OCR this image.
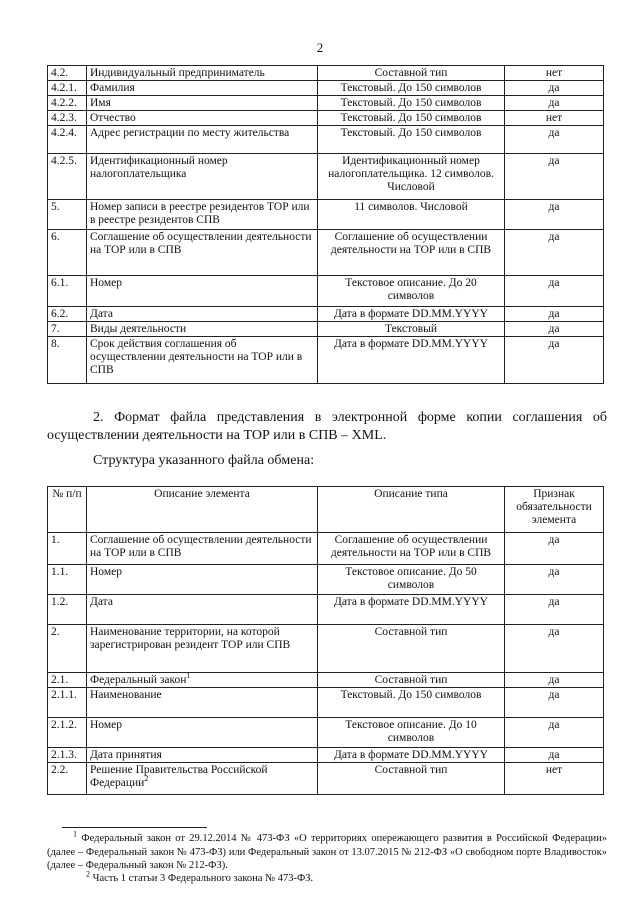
2
4.2.	Индивидуальный предприниматель	Составной тип	нет
4.2.1.	Фамилия	Текстовый. До 150 символов	да
4.2.2.	Имя	Текстовый. До 150 символов	да
4.2.3.	Отчество	Текстовый. До 150 символов	нет
4.2.4.	Адрес регистрации по месту жительства	Текстовый. До 150 символов	да
4.2.5.	Идентификационный номер налогоплательщика	Идентификационный номер налогоплательщика. 12 символов. Числовой	да
5.	Номер записи в реестре резидентов ТОР или в реестре резидентов СПВ	11 символов. Числовой	да
6.	Соглашение об осуществлении деятельности на ТОР или в СПВ	Соглашение об осуществлении деятельности на ТОР или в СПВ	да
6.1.	Номер	Текстовое описание. До 20 символов	да
6.2.	Дата	Дата в формате DD.MM.YYYY	да
7.	Виды деятельности	Текстовый	да
8.	Срок действия соглашения об осуществлении деятельности на ТОР или в СПВ	Дата в формате DD.MM.YYYY	да
2. Формат файла представления в электронной форме копии соглашения об осуществлении деятельности на ТОР или в СПВ – XML.
Структура указанного файла обмена:
№ п/п	Описание элемента	Описание типа	Признак обязательности элемента
1.	Соглашение об осуществлении деятельности на ТОР или в СПВ	Соглашение об осуществлении деятельности на ТОР или в СПВ	да
1.1.	Номер	Текстовое описание. До 50 символов	да
1.2.	Дата	Дата в формате DD.MM.YYYY	да
2.	Наименование территории, на которой зарегистрирован резидент ТОР или СПВ	Составной тип	да
2.1.	Федеральный закон$^1$	Составной тип	да
2.1.1.	Наименование	Текстовый. До 150 символов	да
2.1.2.	Номер	Текстовое описание. До 10 символов	да
2.1.3.	Дата принятия	Дата в формате DD.MM.YYYY	да
2.2.	Решение Правительства Российской Федерации$^2$	Составной тип	нет
$^1$ Федеральный закон от 29.12.2014 № 473-ФЗ «О территориях опережающего развития в Российской Федерации» (далее – Федеральный закон № 473-ФЗ) или Федеральный закон от 13.07.2015 № 212-ФЗ «О свободном порте Владивосток» (далее – Федеральный закон № 212-ФЗ).
$^2$ Часть 1 статьи 3 Федерального закона № 473-ФЗ.
